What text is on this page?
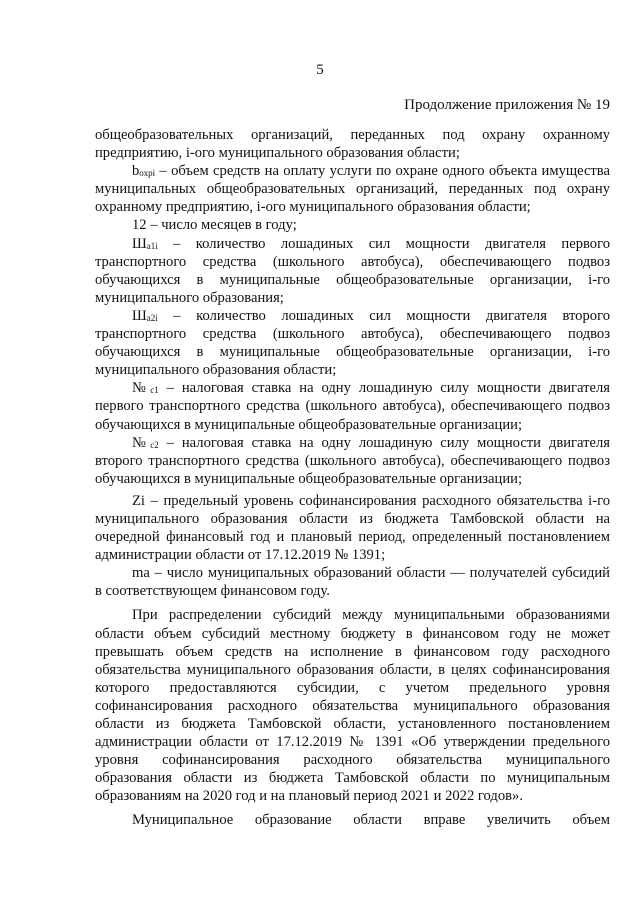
5
Продолжение приложения № 19

общеобразовательных организаций, переданных под охрану охранному предприятию, i-ого муниципального образования области;

$b_{охрi}$ – объем средств на оплату услуги по охране одного объекта имущества муниципальных общеобразовательных организаций, переданных под охрану охранному предприятию, i-ого муниципального образования области;

12 – число месяцев в году;

$Ш_{а1i}$ – количество лошадиных сил мощности двигателя первого транспортного средства (школьного автобуса), обеспечивающего подвоз обучающихся в муниципальные общеобразовательные организации, i-го муниципального образования;

$Ш_{а2i}$ – количество лошадиных сил мощности двигателя второго транспортного средства (школьного автобуса), обеспечивающего подвоз обучающихся в муниципальные общеобразовательные организации, i-го муниципального образования области;

$№_{c1}$ – налоговая ставка на одну лошадиную силу мощности двигателя первого транспортного средства (школьного автобуса), обеспечивающего подвоз обучающихся в муниципальные общеобразовательные организации;

$№_{c2}$ – налоговая ставка на одну лошадиную силу мощности двигателя второго транспортного средства (школьного автобуса), обеспечивающего подвоз обучающихся в муниципальные общеобразовательные организации;

Zi – предельный уровень софинансирования расходного обязательства i-го муниципального образования области из бюджета Тамбовской области на очередной финансовый год и плановый период, определенный постановлением администрации области от 17.12.2019 № 1391;

ma – число муниципальных образований области — получателей субсидий в соответствующем финансовом году.

При распределении субсидий между муниципальными образованиями области объем субсидий местному бюджету в финансовом году не может превышать объем средств на исполнение в финансовом году расходного обязательства муниципального образования области, в целях софинансирования которого предоставляются субсидии, с учетом предельного уровня софинансирования расходного обязательства муниципального образования области из бюджета Тамбовской области, установленного постановлением администрации области от 17.12.2019 № 1391 «Об утверждении предельного уровня софинансирования расходного обязательства муниципального образования области из бюджета Тамбовской области по муниципальным образованиям на 2020 год и на плановый период 2021 и 2022 годов».

Муниципальное образование области вправе увеличить объем
